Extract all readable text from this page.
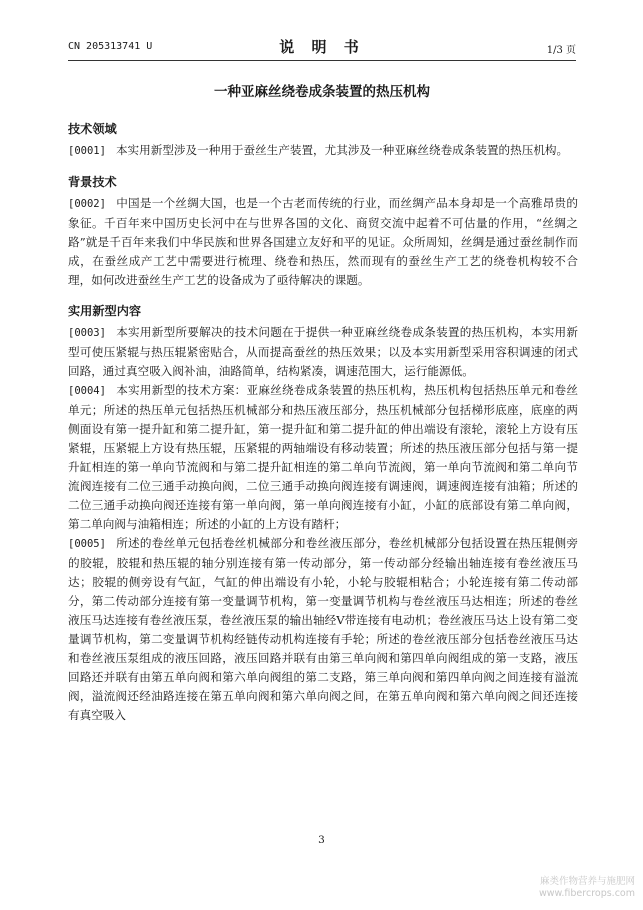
CN 205313741 U	说 明 书	1/3 页
一种亚麻丝绕卷成条装置的热压机构
技术领域

[0001] 本实用新型涉及一种用于蚕丝生产装置，尤其涉及一种亚麻丝绕卷成条装置的热压机构。

背景技术

[0002] 中国是一个丝绸大国，也是一个古老而传统的行业，而丝绸产品本身却是一个高雅昂贵的象征。千百年来中国历史长河中在与世界各国的文化、商贸交流中起着不可估量的作用，“丝绸之路”就是千百年来我们中华民族和世界各国建立友好和平的见证。众所周知，丝绸是通过蚕丝制作而成，在蚕丝成产工艺中需要进行梳理、绕卷和热压，然而现有的蚕丝生产工艺的绕卷机构较不合理，如何改进蚕丝生产工艺的设备成为了亟待解决的课题。

实用新型内容

[0003] 本实用新型所要解决的技术问题在于提供一种亚麻丝绕卷成条装置的热压机构，本实用新型可使压紧辊与热压辊紧密贴合，从而提高蚕丝的热压效果；以及本实用新型采用容积调速的闭式回路，通过真空吸入阀补油，油路简单，结构紧凑，调速范围大，运行能源低。

[0004] 本实用新型的技术方案：亚麻丝绕卷成条装置的热压机构，热压机构包括热压单元和卷丝单元；所述的热压单元包括热压机械部分和热压液压部分，热压机械部分包括梯形底座，底座的两侧面设有第一提升缸和第二提升缸，第一提升缸和第二提升缸的伸出端设有滚轮，滚轮上方设有压紧辊，压紧辊上方设有热压辊，压紧辊的两轴端设有移动装置；所述的热压液压部分包括与第一提升缸相连的第一单向节流阀和与第二提升缸相连的第二单向节流阀，第一单向节流阀和第二单向节流阀连接有二位三通手动换向阀，二位三通手动换向阀连接有调速阀，调速阀连接有油箱；所述的二位三通手动换向阀还连接有第一单向阀，第一单向阀连接有小缸，小缸的底部设有第二单向阀，第二单向阀与油箱相连；所述的小缸的上方设有踏杆；

[0005] 所述的卷丝单元包括卷丝机械部分和卷丝液压部分，卷丝机械部分包括设置在热压辊侧旁的胶辊，胶辊和热压辊的轴分别连接有第一传动部分，第一传动部分经输出轴连接有卷丝液压马达；胶辊的侧旁设有气缸，气缸的伸出端设有小轮，小轮与胶辊相粘合；小轮连接有第二传动部分，第二传动部分连接有第一变量调节机构，第一变量调节机构与卷丝液压马达相连；所述的卷丝液压马达连接有卷丝液压泵，卷丝液压泵的输出轴经V带连接有电动机；卷丝液压马达上设有第二变量调节机构，第二变量调节机构经链传动机构连接有手轮；所述的卷丝液压部分包括卷丝液压马达和卷丝液压泵组成的液压回路，液压回路并联有由第三单向阀和第四单向阀组成的第一支路，液压回路还并联有由第五单向阀和第六单向阀组的第二支路，第三单向阀和第四单向阀之间连接有溢流阀，溢流阀还经油路连接在第五单向阀和第六单向阀之间，在第五单向阀和第六单向阀之间还连接有真空吸入

3
麻类作物营养与施肥网
www.fibercrops.com
